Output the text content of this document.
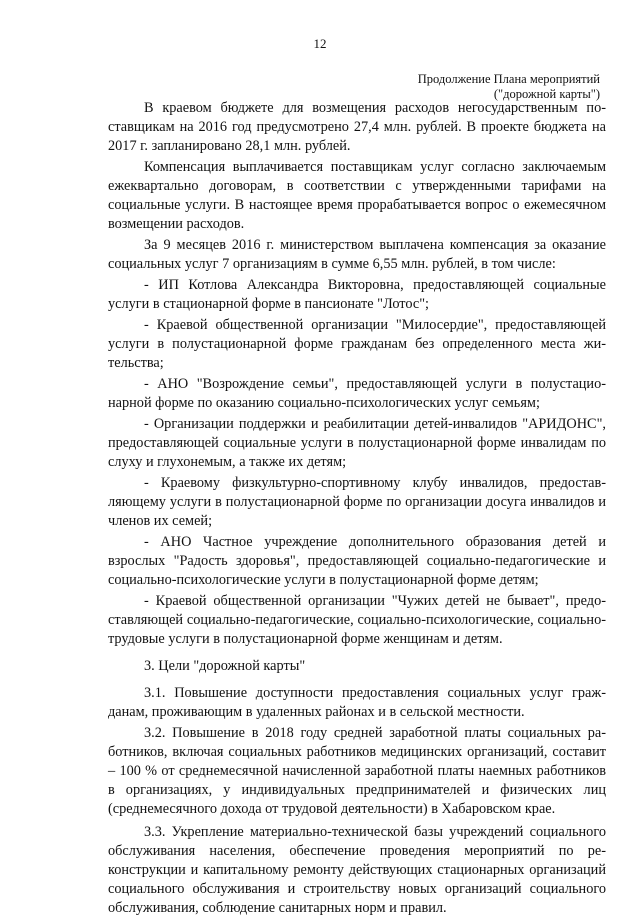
12
Продолжение Плана мероприятий
("дорожной карты")

В краевом бюджете для возмещения расходов негосударственным поставщикам на 2016 год предусмотрено 27,4 млн. рублей. В проекте бюджета на 2017 г. запланировано 28,1 млн. рублей.

Компенсация выплачивается поставщикам услуг согласно заключаемым ежеквартально договорам, в соответствии с утвержденными тарифами на социальные услуги. В настоящее время прорабатывается вопрос о ежемесячном возмещении расходов.

За 9 месяцев 2016 г. министерством выплачена компенсация за оказание социальных услуг 7 организациям в сумме 6,55 млн. рублей, в том числе:

- ИП Котлова Александра Викторовна, предоставляющей социальные услуги в стационарной форме в пансионате "Лотос";

- Краевой общественной организации "Милосердие", предоставляющей услуги в полустационарной форме гражданам без определенного места жительства;

- АНО "Возрождение семьи", предоставляющей услуги в полустационарной форме по оказанию социально-психологических услуг семьям;

- Организации поддержки и реабилитации детей-инвалидов "АРИДОНС", предоставляющей социальные услуги в полустационарной форме инвалидам по слуху и глухонемым, а также их детям;

- Краевому физкультурно-спортивному клубу инвалидов, предоставляющему услуги в полустационарной форме по организации досуга инвалидов и членов их семей;

- АНО Частное учреждение дополнительного образования детей и взрослых "Радость здоровья", предоставляющей социально-педагогические и социально-психологические услуги в полустационарной форме детям;

- Краевой общественной организации "Чужих детей не бывает", предоставляющей социально-педагогические, социально-психологические, социально-трудовые услуги в полустационарной форме женщинам и детям.

3. Цели "дорожной карты"

3.1. Повышение доступности предоставления социальных услуг гражданам, проживающим в удаленных районах и в сельской местности.

3.2. Повышение в 2018 году средней заработной платы социальных работников, включая социальных работников медицинских организаций, составит – 100 % от среднемесячной начисленной заработной платы наемных работников в организациях, у индивидуальных предпринимателей и физических лиц (среднемесячного дохода от трудовой деятельности) в Хабаровском крае.

3.3. Укрепление материально-технической базы учреждений социального обслуживания населения, обеспечение проведения мероприятий по реконструкции и капитальному ремонту действующих стационарных организаций социального обслуживания и строительству новых организаций социального обслуживания, соблюдение санитарных норм и правил.
